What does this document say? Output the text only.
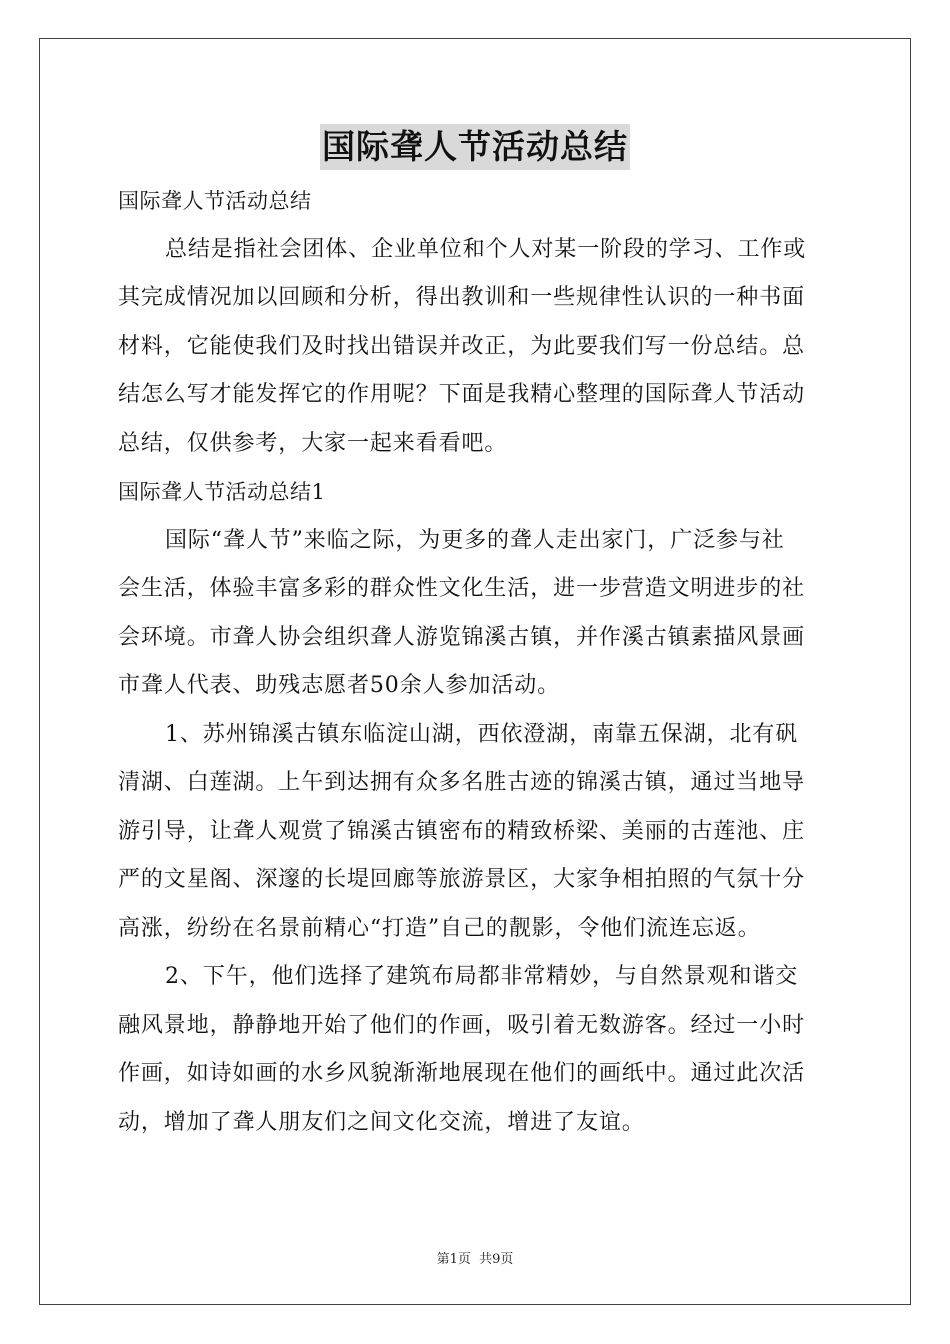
国际聋人节活动总结
国际聋人节活动总结
总结是指社会团体、企业单位和个人对某一阶段的学习、工作或
其完成情况加以回顾和分析，得出教训和一些规律性认识的一种书面
材料，它能使我们及时找出错误并改正，为此要我们写一份总结。总
结怎么写才能发挥它的作用呢？下面是我精心整理的国际聋人节活动
总结，仅供参考，大家一起来看看吧。
国际聋人节活动总结1
国际“聋人节”来临之际，为更多的聋人走出家门，广泛参与社
会生活，体验丰富多彩的群众性文化生活，进一步营造文明进步的社
会环境。市聋人协会组织聋人游览锦溪古镇，并作溪古镇素描风景画
市聋人代表、助残志愿者50余人参加活动。
1、苏州锦溪古镇东临淀山湖，西依澄湖，南靠五保湖，北有矾
清湖、白莲湖。上午到达拥有众多名胜古迹的锦溪古镇，通过当地导
游引导，让聋人观赏了锦溪古镇密布的精致桥梁、美丽的古莲池、庄
严的文星阁、深邃的长堤回廊等旅游景区，大家争相拍照的气氛十分
高涨，纷纷在名景前精心“打造”自己的靓影，令他们流连忘返。
2、下午，他们选择了建筑布局都非常精妙，与自然景观和谐交
融风景地，静静地开始了他们的作画，吸引着无数游客。经过一小时
作画，如诗如画的水乡风貌渐渐地展现在他们的画纸中。通过此次活
动，增加了聋人朋友们之间文化交流，增进了友谊。
第1页 共9页
